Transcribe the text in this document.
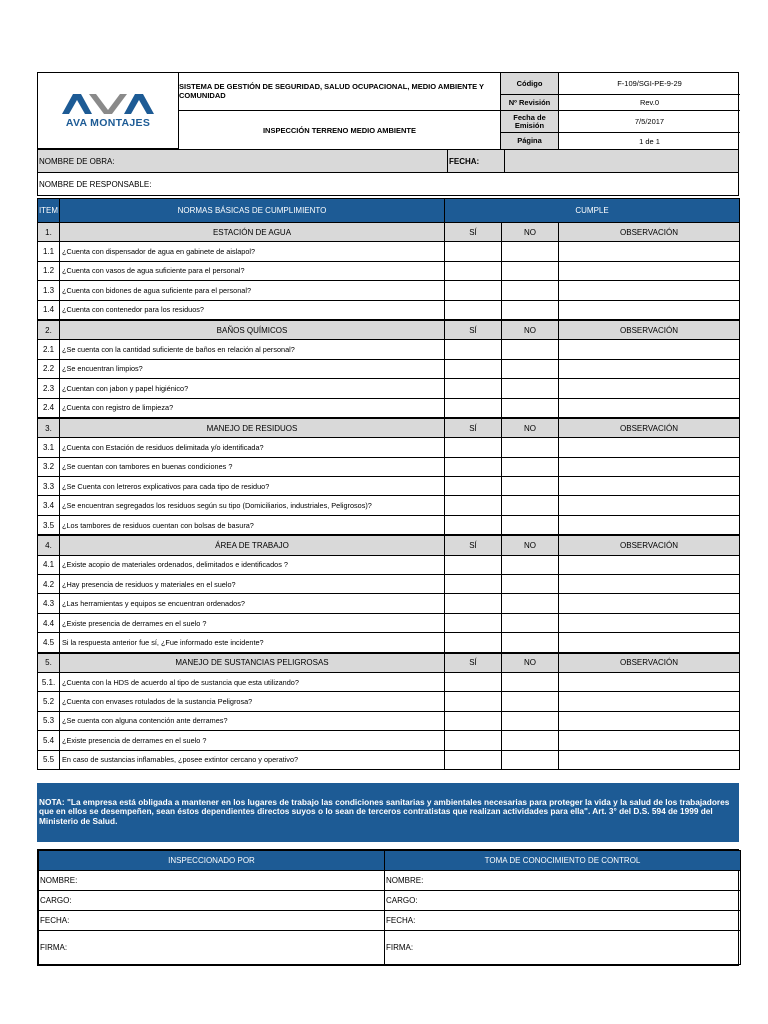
AVA MONTAJES
SISTEMA DE GESTIÓN DE SEGURIDAD, SALUD OCUPACIONAL, MEDIO AMBIENTE Y COMUNIDAD
Código	F-109/SGI-PE-9-29
Nº Revisión	Rev.0
INSPECCIÓN TERRENO MEDIO AMBIENTE
Fecha de Emisión	7/5/2017
Página	1 de 1
NOMBRE DE OBRA:	FECHA:
NOMBRE DE RESPONSABLE:
ITEM	NORMAS BÁSICAS DE CUMPLIMIENTO	CUMPLE		
1.	ESTACIÓN DE AGUA	SÍ	NO	OBSERVACIÓN
1.1	¿Cuenta con dispensador de agua en gabinete de aislapol?			
1.2	¿Cuenta con vasos de agua suficiente para el personal?			
1.3	¿Cuenta con bidones de agua suficiente para el personal?			
1.4	¿Cuenta con contenedor para los residuos?			
2.	BAÑOS QUÍMICOS	SÍ	NO	OBSERVACIÓN
2.1	¿Se cuenta con la cantidad suficiente de baños en relación al personal?			
2.2	¿Se encuentran limpios?			
2.3	¿Cuentan con jabon y papel higiénico?			
2.4	¿Cuenta con registro de limpieza?			
3.	MANEJO DE RESIDUOS	SÍ	NO	OBSERVACIÓN
3.1	¿Cuenta con Estación de residuos delimitada y/o identificada?			
3.2	¿Se cuentan con tambores en buenas condiciones ?			
3.3	¿Se Cuenta con letreros explicativos para cada tipo de residuo?			
3.4	¿Se encuentran segregados los residuos según su tipo (Domiciliarios, industriales, Peligrosos)?			
3.5	¿Los tambores de residuos cuentan con bolsas de basura?			
4.	ÁREA DE TRABAJO	SÍ	NO	OBSERVACIÓN
4.1	¿Existe acopio de materiales ordenados, delimitados e identificados ?			
4.2	¿Hay presencia de residuos y materiales en el suelo?			
4.3	¿Las herramientas y equipos se encuentran ordenados?			
4.4	¿Existe presencia de derrames en el suelo ?			
4.5	Si la respuesta anterior fue sí, ¿Fue informado este incidente?			
5.	MANEJO DE SUSTANCIAS PELIGROSAS	SÍ	NO	OBSERVACIÓN
5.1.	¿Cuenta con la HDS de acuerdo al tipo de sustancia que esta utilizando?			
5.2	¿Cuenta con envases rotulados de la sustancia Peligrosa?			
5.3	¿Se cuenta con alguna contención ante derrames?			
5.4	¿Existe presencia de derrames en el suelo ?			
5.5	En caso de sustancias inflamables, ¿posee extintor cercano y operativo?			
NOTA: "La empresa está obligada a mantener en los lugares de trabajo las condiciones sanitarias y ambientales necesarias para proteger la vida y la salud de los trabajadores que en ellos se desempeñen, sean éstos dependientes directos suyos o lo sean de terceros contratistas que realizan actividades para ella". Art. 3° del D.S. 594 de 1999 del Ministerio de Salud.
INSPECCIONADO POR	TOMA DE CONOCIMIENTO DE CONTROL
NOMBRE:	NOMBRE:
CARGO:	CARGO:
FECHA:	FECHA:
FIRMA:	FIRMA:
